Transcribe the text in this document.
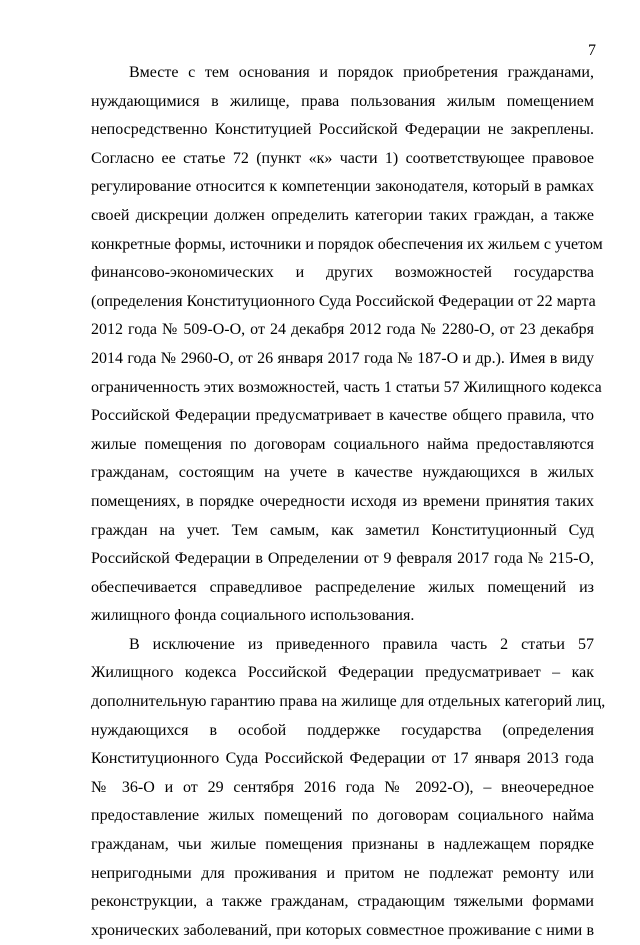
7
Вместе с тем основания и порядок приобретения гражданами,
нуждающимися в жилище, права пользования жилым помещением
непосредственно Конституцией Российской Федерации не закреплены.
Согласно ее статье 72 (пункт «к» части 1) соответствующее правовое
регулирование относится к компетенции законодателя, который в рамках
своей дискреции должен определить категории таких граждан, а также
конкретные формы, источники и порядок обеспечения их жильем с учетом
финансово-экономических и других возможностей государства
(определения Конституционного Суда Российской Федерации от 22 марта
2012 года № 509-О-О, от 24 декабря 2012 года № 2280-О, от 23 декабря
2014 года № 2960-О, от 26 января 2017 года № 187-О и др.). Имея в виду
ограниченность этих возможностей, часть 1 статьи 57 Жилищного кодекса
Российской Федерации предусматривает в качестве общего правила, что
жилые помещения по договорам социального найма предоставляются
гражданам, состоящим на учете в качестве нуждающихся в жилых
помещениях, в порядке очередности исходя из времени принятия таких
граждан на учет. Тем самым, как заметил Конституционный Суд
Российской Федерации в Определении от 9 февраля 2017 года № 215-О,
обеспечивается справедливое распределение жилых помещений из
жилищного фонда социального использования.
В исключение из приведенного правила часть 2 статьи 57
Жилищного кодекса Российской Федерации предусматривает – как
дополнительную гарантию права на жилище для отдельных категорий лиц,
нуждающихся в особой поддержке государства (определения
Конституционного Суда Российской Федерации от 17 января 2013 года
№ 36-О и от 29 сентября 2016 года № 2092-О), – внеочередное
предоставление жилых помещений по договорам социального найма
гражданам, чьи жилые помещения признаны в надлежащем порядке
непригодными для проживания и притом не подлежат ремонту или
реконструкции, а также гражданам, страдающим тяжелыми формами
хронических заболеваний, при которых совместное проживание с ними в
